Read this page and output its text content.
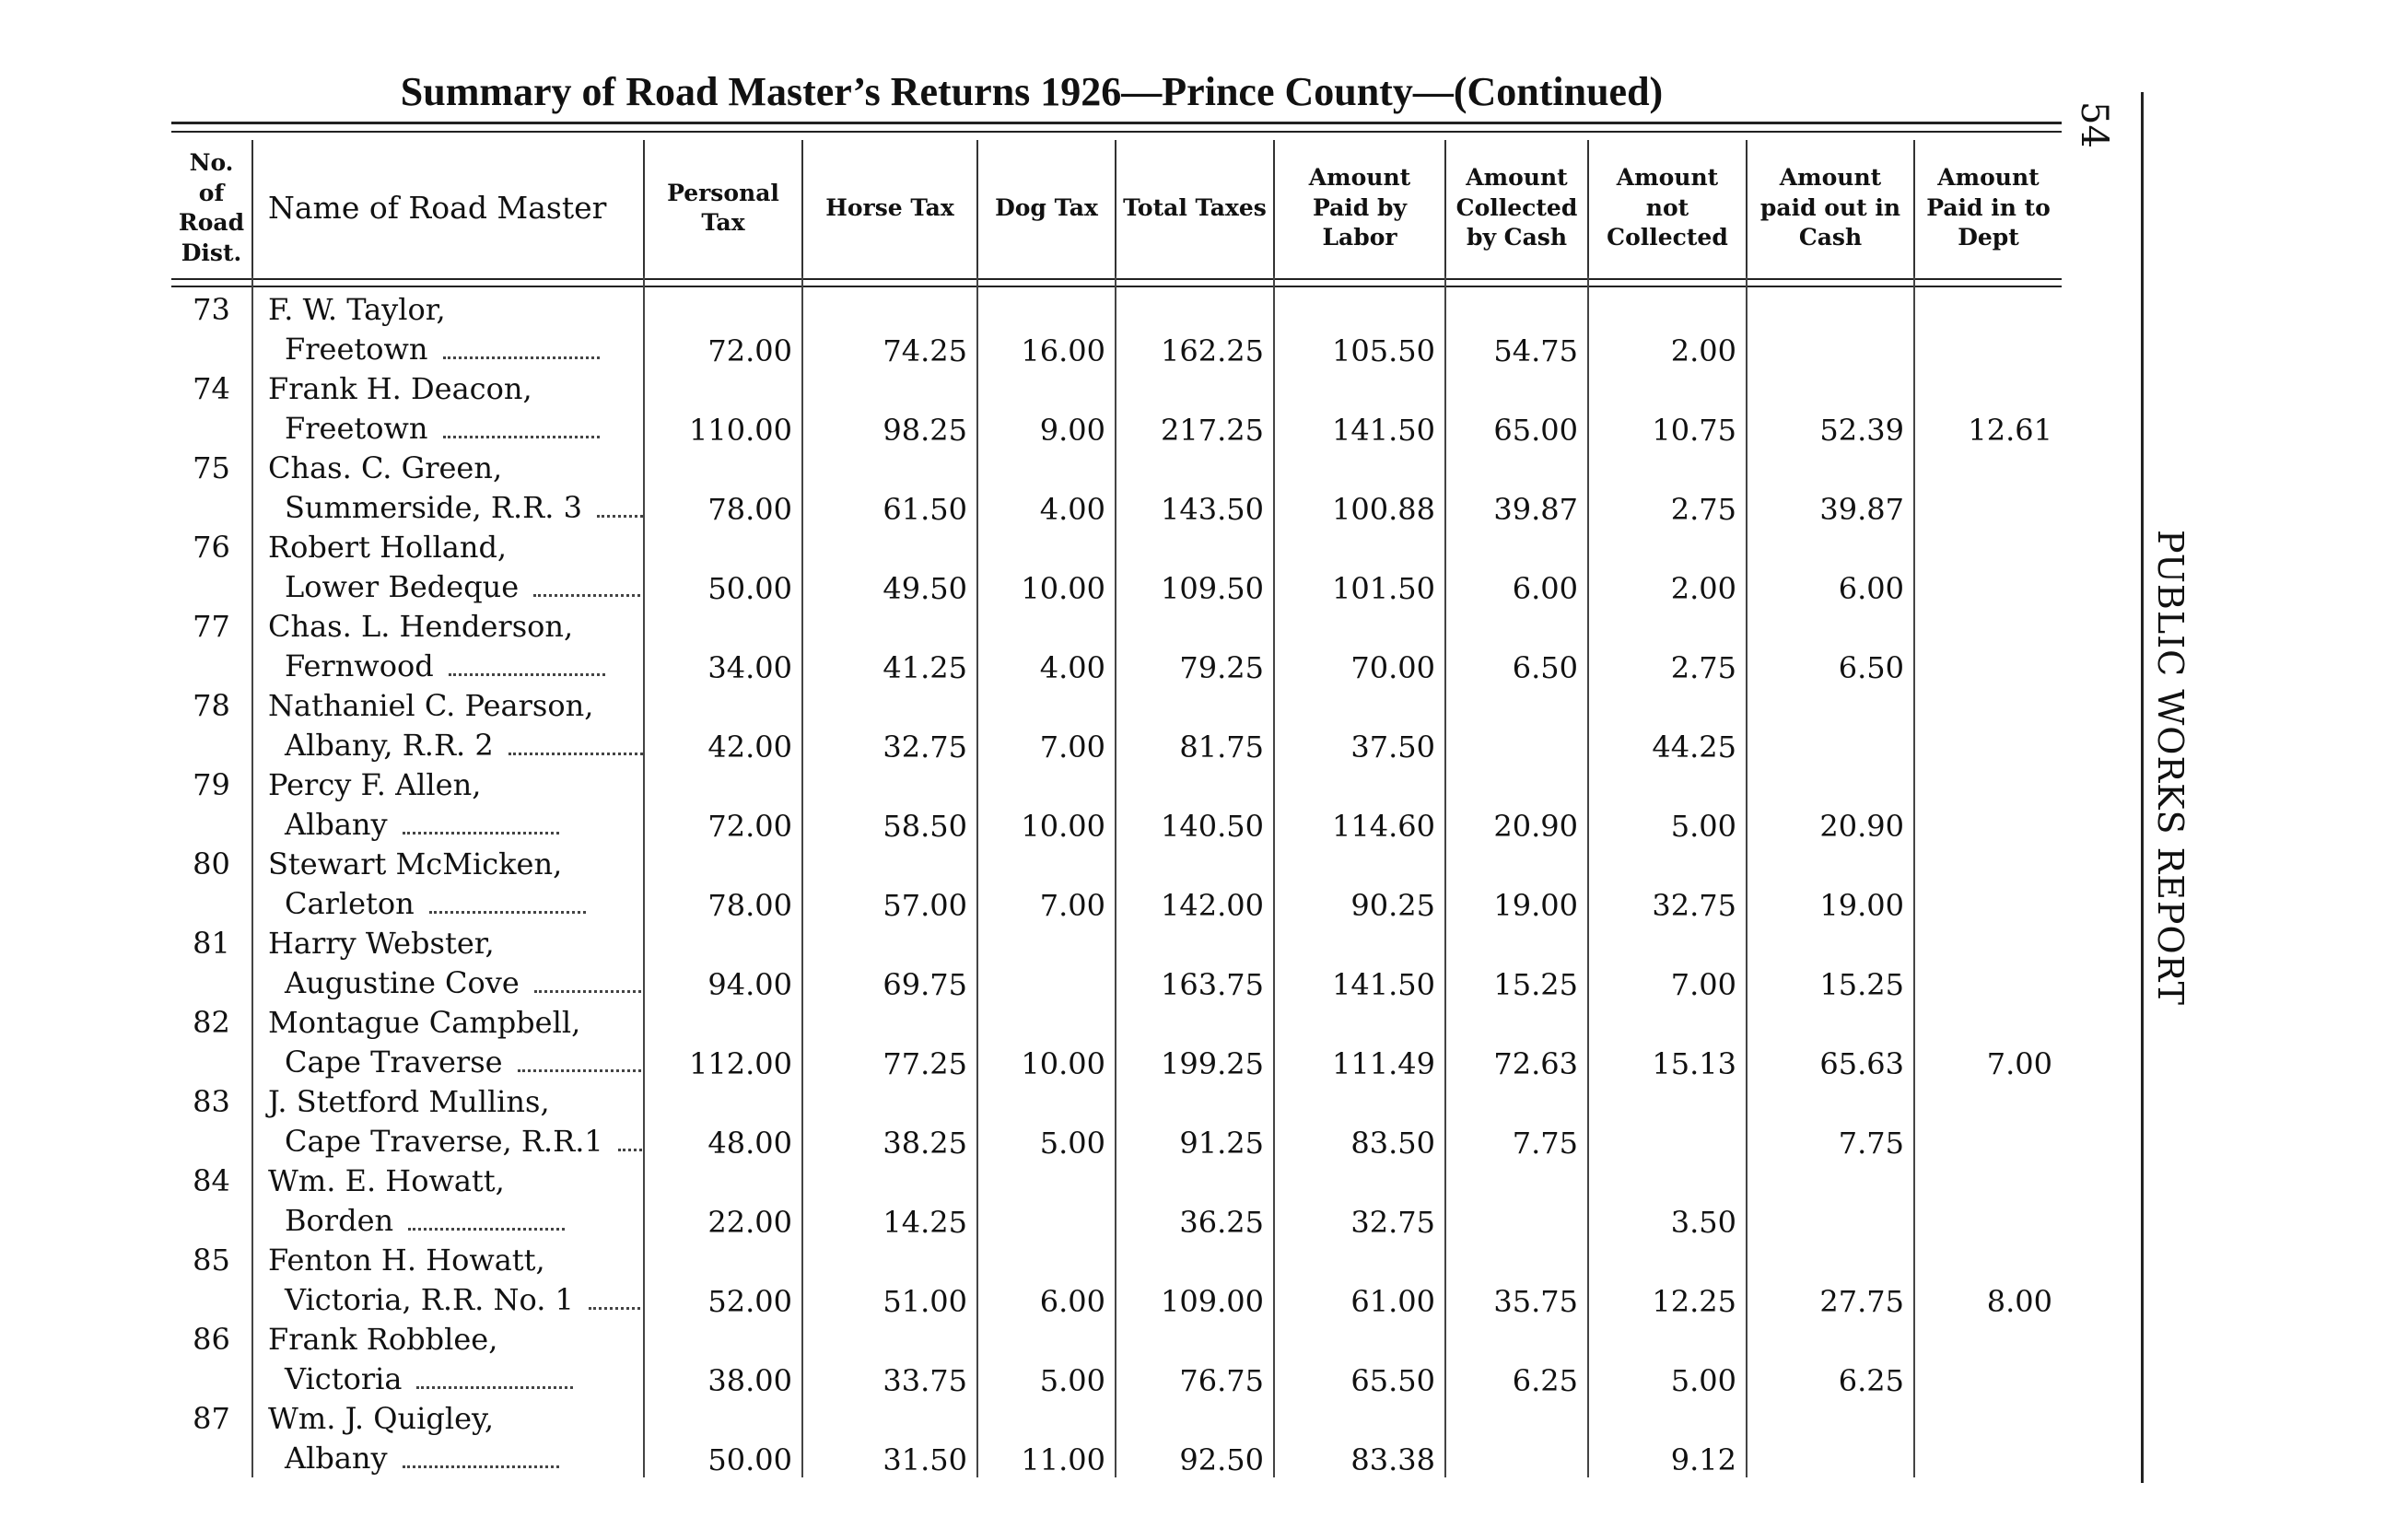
Summary of Road Master’s Returns 1926—Prince County—(Continued)
54
PUBLIC WORKS REPORT
No. of Road Dist.	Name of Road Master	Personal Tax	Horse Tax	Dog Tax	Total Taxes	Amount Paid by Labor	Amount Collected by Cash	Amount not Collected	Amount paid out in Cash	Amount Paid in to Dept

73	F. W. Taylor,									
	Freetown	72.00	74.25	16.00	162.25	105.50	54.75	2.00		
74	Frank H. Deacon,									
	Freetown	110.00	98.25	9.00	217.25	141.50	65.00	10.75	52.39	12.61
75	Chas. C. Green,									
	Summerside, R.R. 3	78.00	61.50	4.00	143.50	100.88	39.87	2.75	39.87	
76	Robert Holland,									
	Lower Bedeque	50.00	49.50	10.00	109.50	101.50	6.00	2.00	6.00	
77	Chas. L. Henderson,									
	Fernwood	34.00	41.25	4.00	79.25	70.00	6.50	2.75	6.50	
78	Nathaniel C. Pearson,									
	Albany, R.R. 2	42.00	32.75	7.00	81.75	37.50		44.25		
79	Percy F. Allen,									
	Albany	72.00	58.50	10.00	140.50	114.60	20.90	5.00	20.90	
80	Stewart McMicken,									
	Carleton	78.00	57.00	7.00	142.00	90.25	19.00	32.75	19.00	
81	Harry Webster,									
	Augustine Cove	94.00	69.75		163.75	141.50	15.25	7.00	15.25	
82	Montague Campbell,									
	Cape Traverse	112.00	77.25	10.00	199.25	111.49	72.63	15.13	65.63	7.00
83	J. Stetford Mullins,									
	Cape Traverse, R.R.1	48.00	38.25	5.00	91.25	83.50	7.75		7.75	
84	Wm. E. Howatt,									
	Borden	22.00	14.25		36.25	32.75		3.50		
85	Fenton H. Howatt,									
	Victoria, R.R. No. 1	52.00	51.00	6.00	109.00	61.00	35.75	12.25	27.75	8.00
86	Frank Robblee,									
	Victoria	38.00	33.75	5.00	76.75	65.50	6.25	5.00	6.25	
87	Wm. J. Quigley,									
	Albany	50.00	31.50	11.00	92.50	83.38		9.12		
